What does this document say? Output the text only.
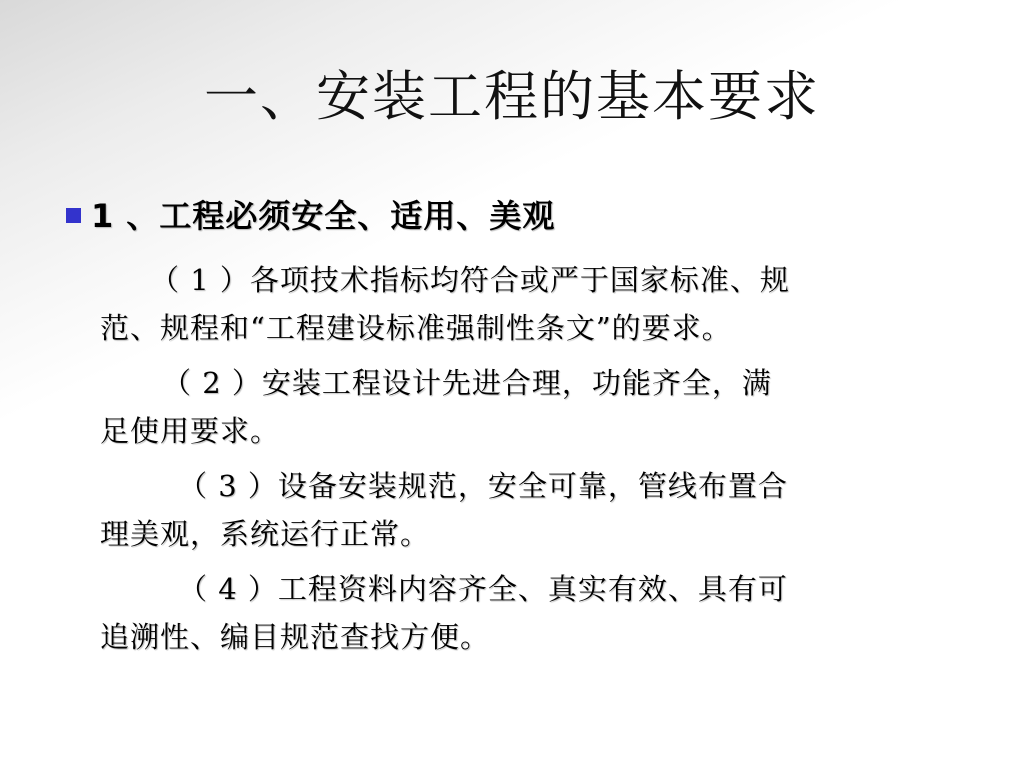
一、安装工程的基本要求
1 、工程必须安全、适用、美观
（ 1 ）各项技术指标均符合或严于国家标准、规
范、规程和“工程建设标准强制性条文”的要求。
（ 2 ）安装工程设计先进合理，功能齐全，满
足使用要求。
（ 3 ）设备安装规范，安全可靠，管线布置合
理美观，系统运行正常。
（ 4 ）工程资料内容齐全、真实有效、具有可
追溯性、编目规范查找方便。
